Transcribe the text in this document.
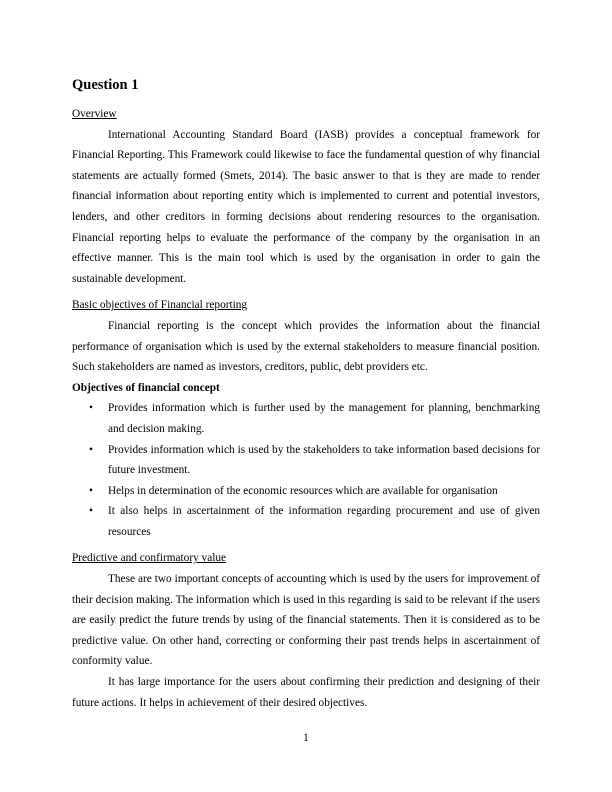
Question 1

Overview

International Accounting Standard Board (IASB) provides a conceptual framework for Financial Reporting. This Framework could likewise to face the fundamental question of why financial statements are actually formed (Smets, 2014). The basic answer to that is they are made to render financial information about reporting entity which is implemented to current and potential investors, lenders, and other creditors in forming decisions about rendering resources to the organisation. Financial reporting helps to evaluate the performance of the company by the organisation in an effective manner. This is the main tool which is used by the organisation in order to gain the sustainable development.

Basic objectives of Financial reporting

Financial reporting is the concept which provides the information about the financial performance of organisation which is used by the external stakeholders to measure financial position. Such stakeholders are named as investors, creditors, public, debt providers etc.

Objectives of financial concept

• Provides information which is further used by the management for planning, benchmarking and decision making.
• Provides information which is used by the stakeholders to take information based decisions for future investment.
• Helps in determination of the economic resources which are available for organisation
• It also helps in ascertainment of the information regarding procurement and use of given resources

Predictive and confirmatory value

These are two important concepts of accounting which is used by the users for improvement of their decision making. The information which is used in this regarding is said to be relevant if the users are easily predict the future trends by using of the financial statements. Then it is considered as to be predictive value. On other hand, correcting or conforming their past trends helps in ascertainment of conformity value.

It has large importance for the users about confirming their prediction and designing of their future actions. It helps in achievement of their desired objectives.

1
